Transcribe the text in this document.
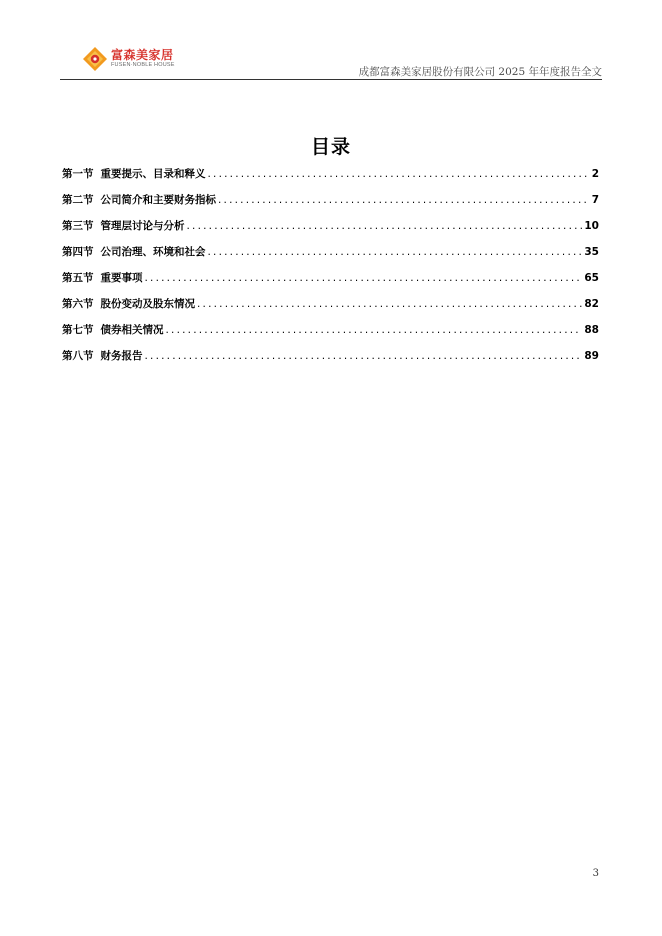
富森美家居
FUSEN·NOBLE HOUSE
成都富森美家居股份有限公司 2025 年年度报告全文
目录
第一节 重要提示、目录和释义 .....	2
第二节 公司简介和主要财务指标 .....	7
第三节 管理层讨论与分析 .....	10
第四节 公司治理、环境和社会 .....	35
第五节 重要事项 .....	65
第六节 股份变动及股东情况 .....	82
第七节 债券相关情况 .....	88
第八节 财务报告 .....	89
3
